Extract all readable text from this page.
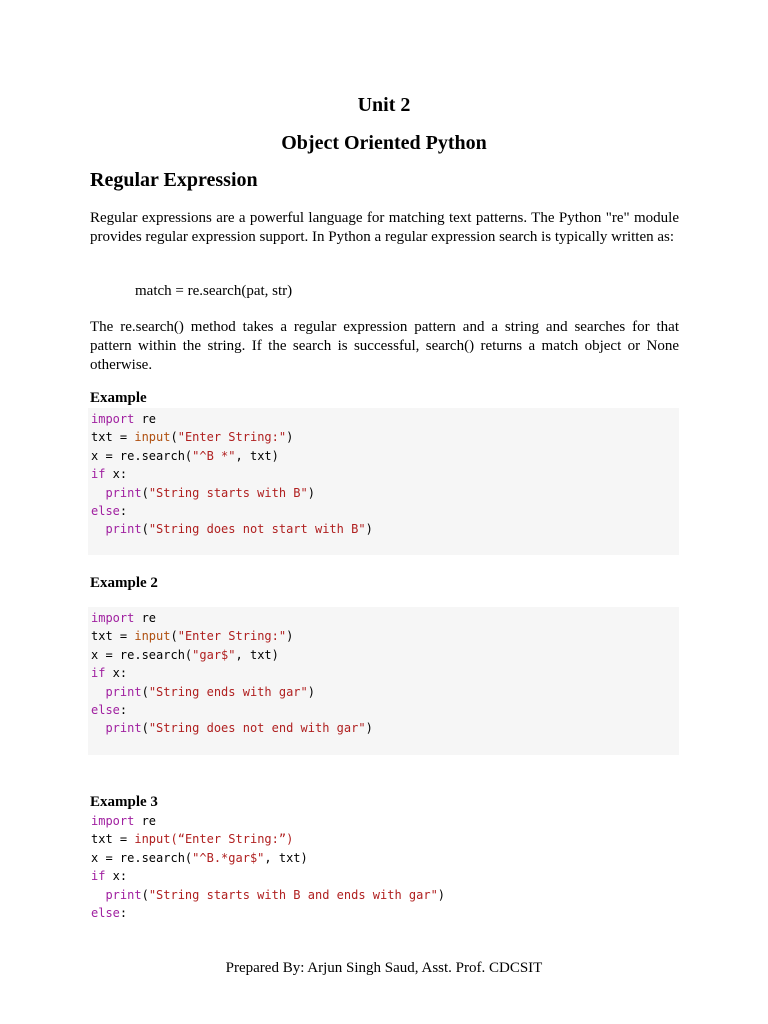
Unit 2
Object Oriented Python
Regular Expression

Regular expressions are a powerful language for matching text patterns. The Python "re" module provides regular expression support. In Python a regular expression search is typically written as:

match = re.search(pat, str)

The re.search() method takes a regular expression pattern and a string and searches for that pattern within the string. If the search is successful, search() returns a match object or None otherwise.

Example
import re
txt = input("Enter String:")
x = re.search("^B *", txt)
if x:
print("String starts with B")
else:
print("String does not start with B")
Example 2
import re
txt = input("Enter String:")
x = re.search("gar$", txt)
if x:
print("String ends with gar")
else:
print("String does not end with gar")
Example 3
import re
txt = input(“Enter String:”)
x = re.search("^B.*gar$", txt)
if x:
print("String starts with B and ends with gar")
else:
Prepared By: Arjun Singh Saud, Asst. Prof. CDCSIT
